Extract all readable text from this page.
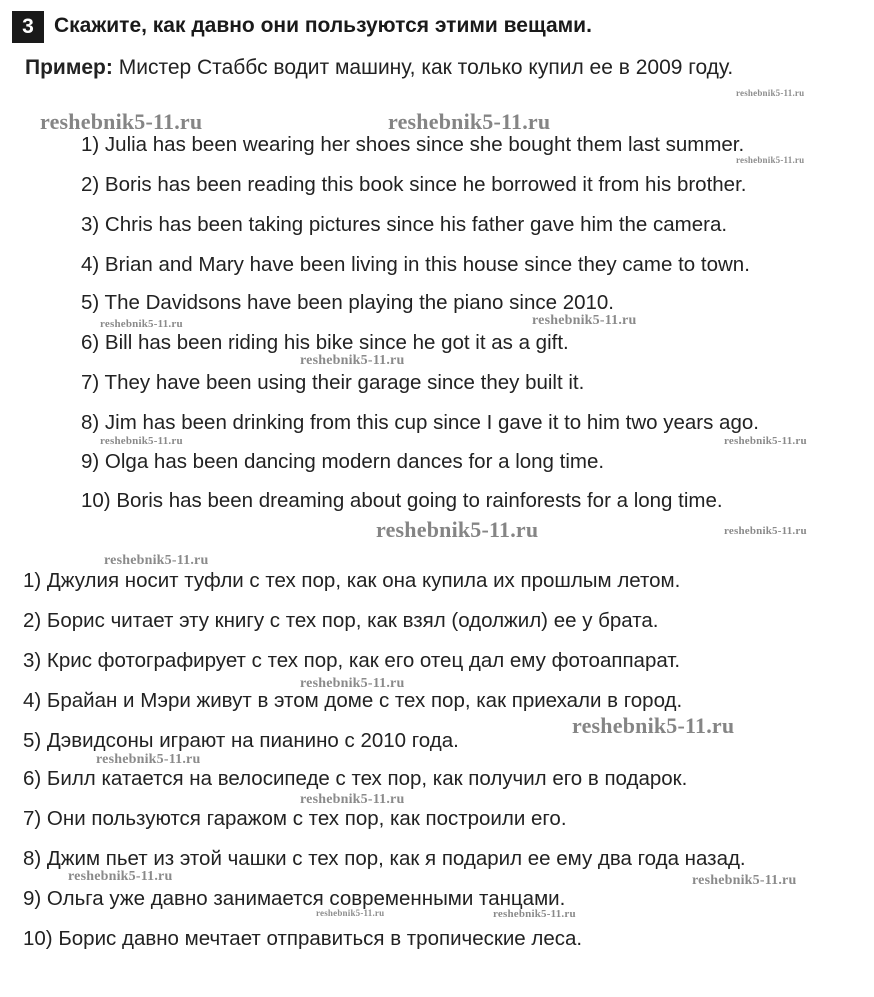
3 Скажите, как давно они пользуются этими вещами.
Пример: Мистер Стаббс водит машину, как только купил ее в 2009 году.
1) Julia has been wearing her shoes since she bought them last summer.
2) Boris has been reading this book since he borrowed it from his brother.
3) Chris has been taking pictures since his father gave him the camera.
4) Brian and Mary have been living in this house since they came to town.
5) The Davidsons have been playing the piano since 2010.
6) Bill has been riding his bike since he got it as a gift.
7) They have been using their garage since they built it.
8) Jim has been drinking from this cup since I gave it to him two years ago.
9) Olga has been dancing modern dances for a long time.
10) Boris has been dreaming about going to rainforests for a long time.
1) Джулия носит туфли с тех пор, как она купила их прошлым летом.
2) Борис читает эту книгу с тех пор, как взял (одолжил) ее у брата.
3) Крис фотографирует с тех пор, как его отец дал ему фотоаппарат.
4) Брайан и Мэри живут в этом доме с тех пор, как приехали в город.
5) Дэвидсоны играют на пианино с 2010 года.
6) Билл катается на велосипеде с тех пор, как получил его в подарок.
7) Они пользуются гаражом с тех пор, как построили его.
8) Джим пьет из этой чашки с тех пор, как я подарил ее ему два года назад.
9) Ольга уже давно занимается современными танцами.
10) Борис давно мечтает отправиться в тропические леса.
reshebnik5-11.ru
reshebnik5-11.ru	reshebnik5-11.ru
reshebnik5-11.ru
reshebnik5-11.ru	reshebnik5-11.ru
reshebnik5-11.ru
reshebnik5-11.ru	reshebnik5-11.ru
reshebnik5-11.ru	reshebnik5-11.ru
reshebnik5-11.ru
reshebnik5-11.ru
reshebnik5-11.ru
reshebnik5-11.ru
reshebnik5-11.ru
reshebnik5-11.ru	reshebnik5-11.ru
reshebnik5-11.ru	reshebnik5-11.ru
